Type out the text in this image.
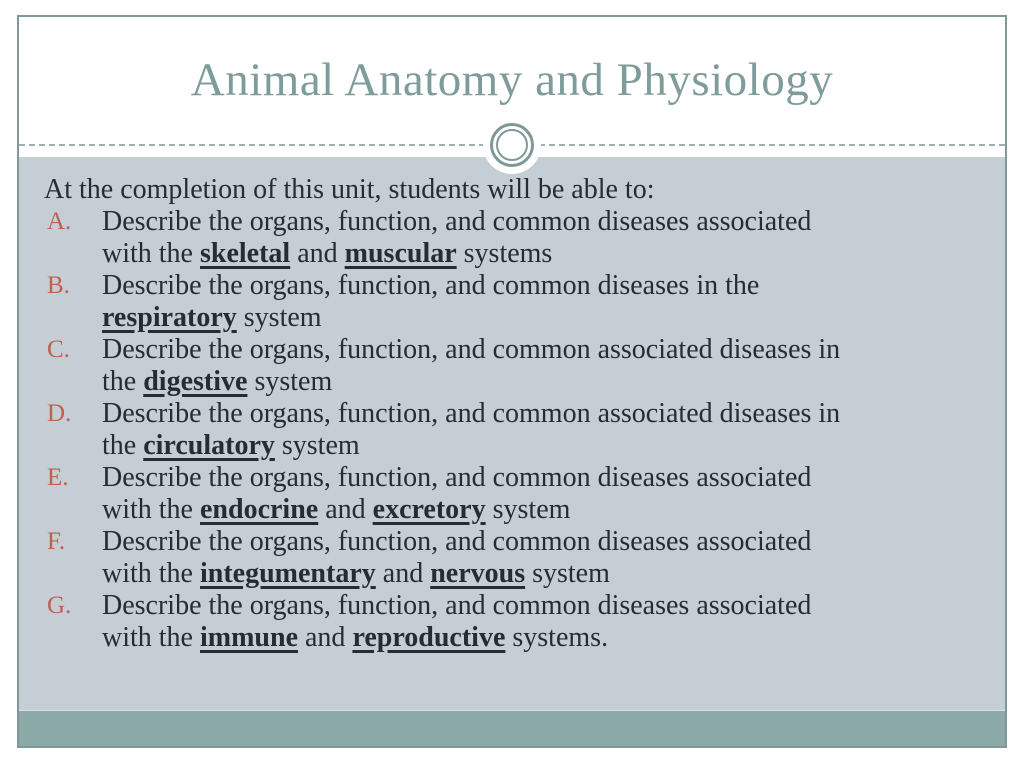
Animal Anatomy and Physiology

At the completion of this unit, students will be able to:

A.	Describe the organs, function, and common diseases associated
with the skeletal and muscular systems
B.	Describe the organs, function, and common diseases in the
respiratory system
C.	Describe the organs, function, and common associated diseases in
the digestive system
D.	Describe the organs, function, and common associated diseases in
the circulatory system
E.	Describe the organs, function, and common diseases associated
with the endocrine and excretory system
F.	Describe the organs, function, and common diseases associated
with the integumentary and nervous system
G.	Describe the organs, function, and common diseases associated
with the immune and reproductive systems.
